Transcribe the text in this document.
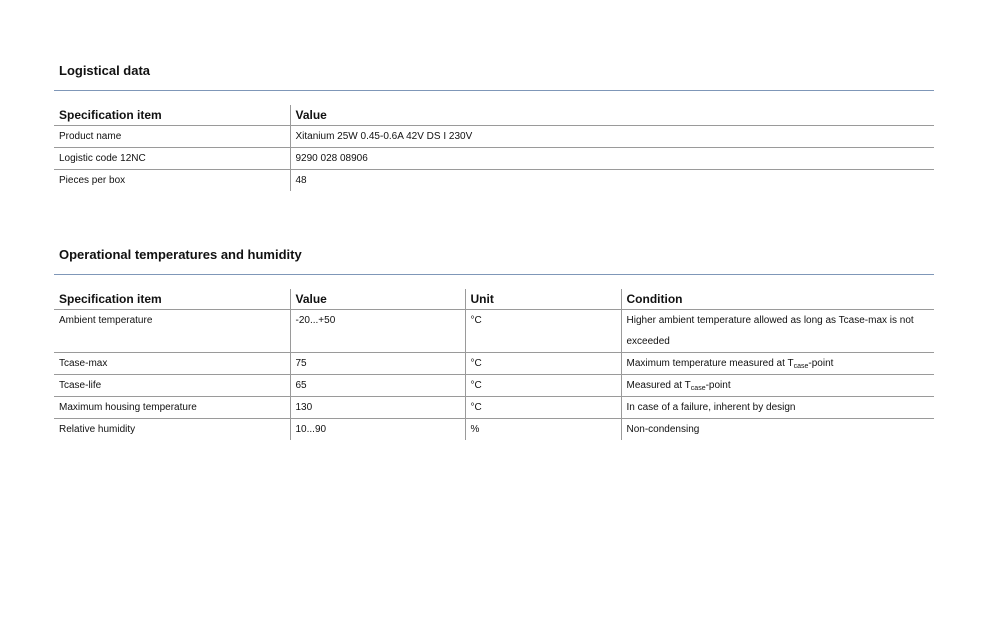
Logistical data
Specification item	Value
Product name	Xitanium 25W 0.45-0.6A 42V DS I 230V
Logistic code 12NC	9290 028 08906
Pieces per box	48
Operational temperatures and humidity
Specification item	Value	Unit	Condition
Ambient temperature	-20...+50	°C	Higher ambient temperature allowed as long as Tcase-max is not
exceeded

Tcase-max	75	°C	Maximum temperature measured at $T_{case}$-point
Tcase-life	65	°C	Measured at $T_{case}$-point
Maximum housing temperature	130	°C	In case of a failure, inherent by design
Relative humidity	10...90	%	Non-condensing
